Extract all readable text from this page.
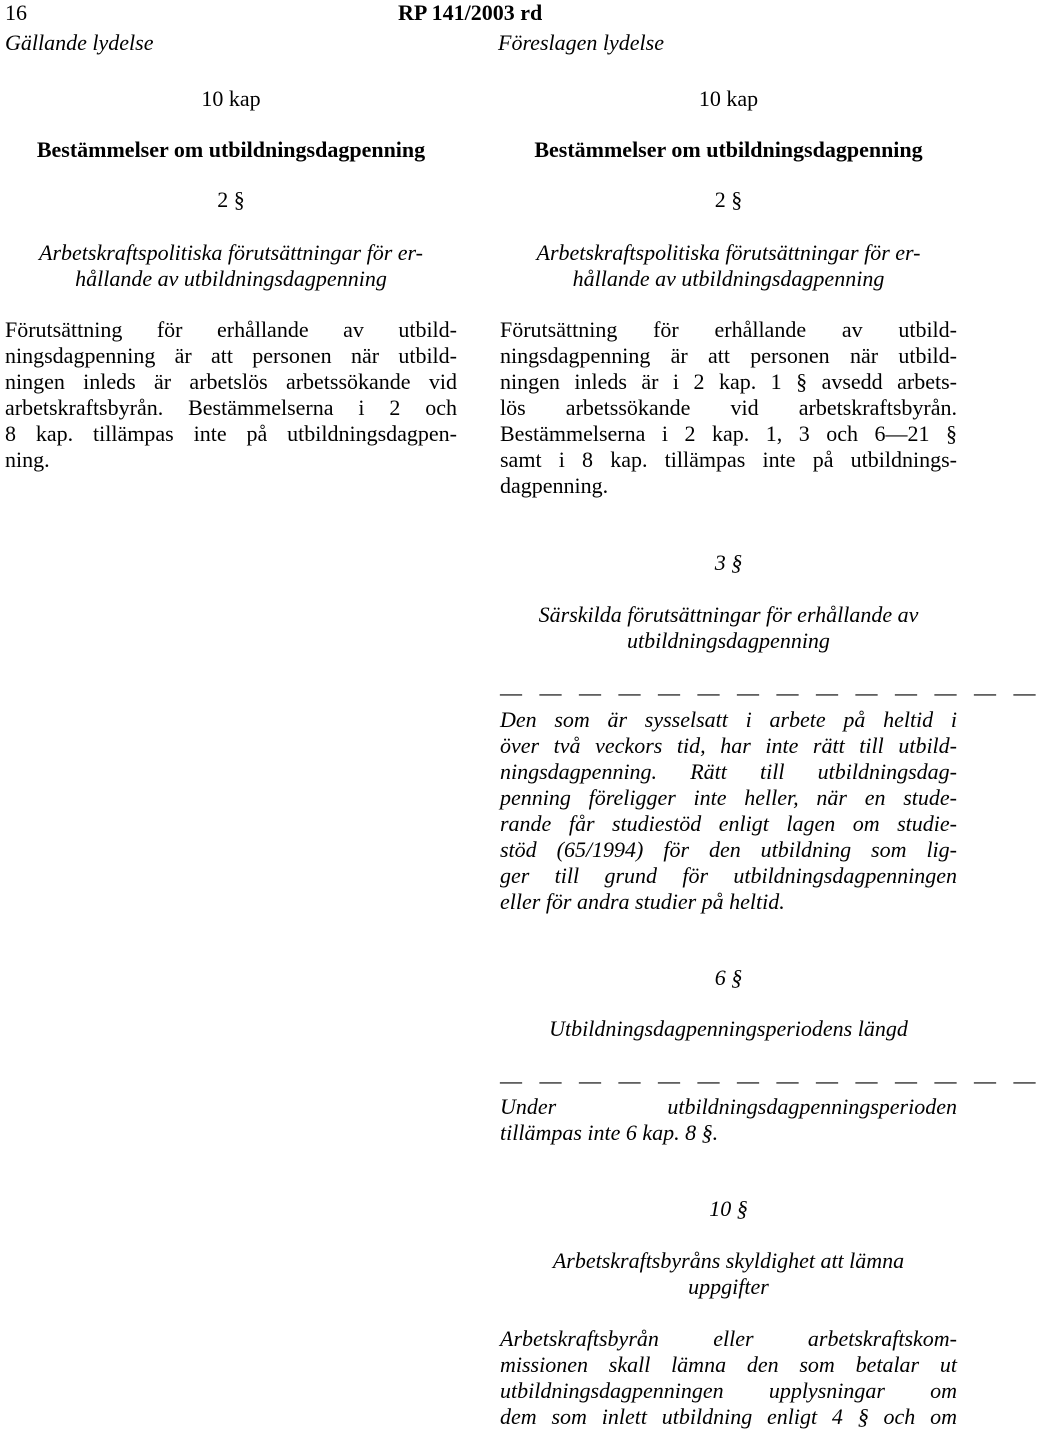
16	RP 141/2003 rd
Gällande lydelse	Föreslagen lydelse
10 kap
Bestämmelser om utbildningsdagpenning
2 §
Arbetskraftspolitiska förutsättningar för er-
hållande av utbildningsdagpenning
Förutsättning för erhållande av utbild-
ningsdagpenning är att personen när utbild-
ningen inleds är arbetslös arbetssökande vid
arbetskraftsbyrån. Bestämmelserna i 2 och
8 kap. tillämpas inte på utbildningsdagpen-
ning.
10 kap
Bestämmelser om utbildningsdagpenning
2 §
Arbetskraftspolitiska förutsättningar för er-
hållande av utbildningsdagpenning
Förutsättning för erhållande av utbild-
ningsdagpenning är att personen när utbild-
ningen inleds är i 2 kap. 1 § avsedd arbets-
lös arbetssökande vid arbetskraftsbyrån.
Bestämmelserna i 2 kap. 1, 3 och 6—21 §
samt i 8 kap. tillämpas inte på utbildnings-
dagpenning.
3 §
Särskilda förutsättningar för erhållande av
utbildningsdagpenning
— — — — — — — — — — — — — —
Den som är sysselsatt i arbete på heltid i
över två veckors tid, har inte rätt till utbild-
ningsdagpenning. Rätt till utbildningsdag-
penning föreligger inte heller, när en stude-
rande får studiestöd enligt lagen om studie-
stöd (65/1994) för den utbildning som lig-
ger till grund för utbildningsdagpenningen
eller för andra studier på heltid.
6 §
Utbildningsdagpenningsperiodens längd
— — — — — — — — — — — — — —
Under utbildningsdagpenningsperioden
tillämpas inte 6 kap. 8 §.
10 §
Arbetskraftsbyråns skyldighet att lämna
uppgifter
Arbetskraftsbyrån eller arbetskraftskom-
missionen skall lämna den som betalar ut
utbildningsdagpenningen upplysningar om
dem som inlett utbildning enligt 4 § och om
